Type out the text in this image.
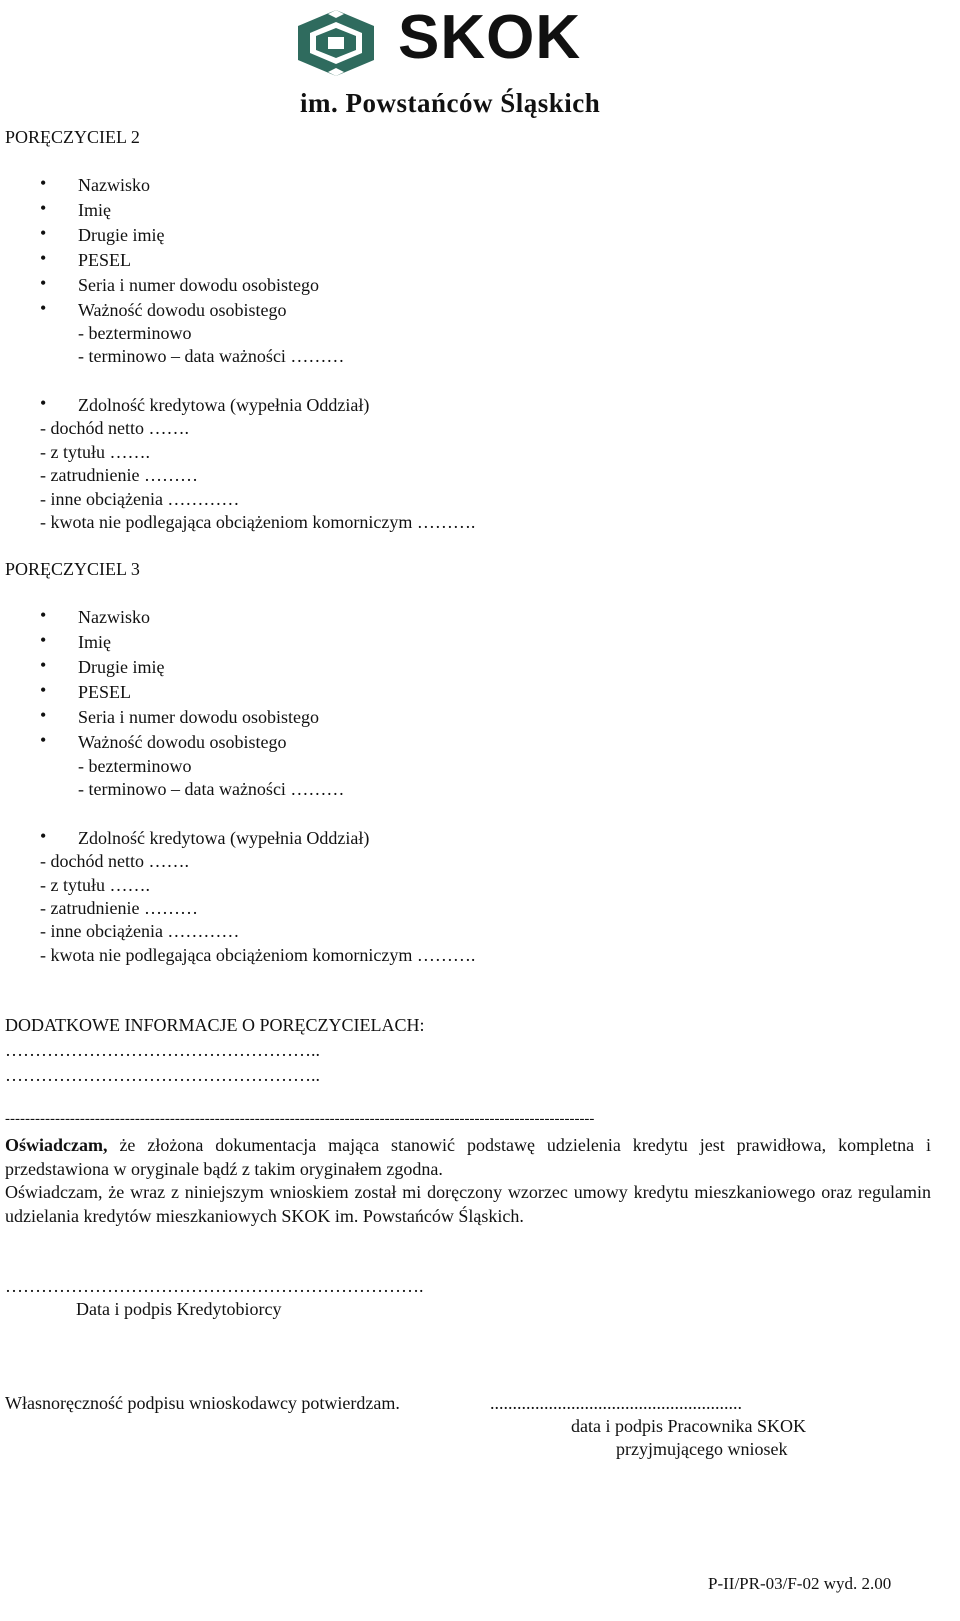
SKOK
im. Powstańców Śląskich
PORĘCZYCIEL 2
• Nazwisko
• Imię
• Drugie imię
• PESEL
• Seria i numer dowodu osobistego
• Ważność dowodu osobistego
- bezterminowo
- terminowo – data ważności ………
• Zdolność kredytowa (wypełnia Oddział)
- dochód netto …….
- z tytułu …….
- zatrudnienie ………
- inne obciążenia …………
- kwota nie podlegająca obciążeniom komorniczym ……….
PORĘCZYCIEL 3
• Nazwisko
• Imię
• Drugie imię
• PESEL
• Seria i numer dowodu osobistego
• Ważność dowodu osobistego
- bezterminowo
- terminowo – data ważności ………
• Zdolność kredytowa (wypełnia Oddział)
- dochód netto …….
- z tytułu …….
- zatrudnienie ………
- inne obciążenia …………
- kwota nie podlegająca obciążeniom komorniczym ……….
DODATKOWE INFORMACJE O PORĘCZYCIELACH:
……………………………………………..
……………………………………………..
----------------------------------------------------------------------------------------------------------------------
Oświadczam, że złożona dokumentacja mająca stanowić podstawę udzielenia kredytu jest prawidłowa, kompletna i przedstawiona w oryginale bądź z takim oryginałem zgodna.
Oświadczam, że wraz z niniejszym wnioskiem został mi doręczony wzorzec umowy kredytu mieszkaniowego oraz regulamin udzielania kredytów mieszkaniowych SKOK im. Powstańców Śląskich.
…………………………………………………………….
Data i podpis Kredytobiorcy
Własnoręczność podpisu wnioskodawcy potwierdzam.	........................................................
data i podpis Pracownika SKOK
przyjmującego wniosek
P-II/PR-03/F-02 wyd. 2.00
